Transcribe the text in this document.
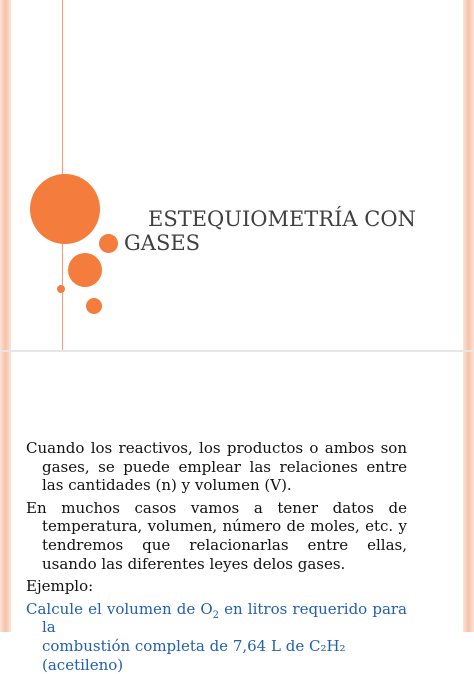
ESTEQUIOMETRÍA CON
GASES

Cuando los reactivos, los productos o ambos son gases, se puede emplear las relaciones entre las cantidades (n) y volumen (V).

En muchos casos vamos a tener datos de temperatura, volumen, número de moles, etc. y tendremos que relacionarlas entre ellas, usando las diferentes leyes delos gases.

Ejemplo:

Calcule el volumen de $O_2$ en litros requerido para la

combustión completa de 7,64 L de C₂H₂ (acetileno)
